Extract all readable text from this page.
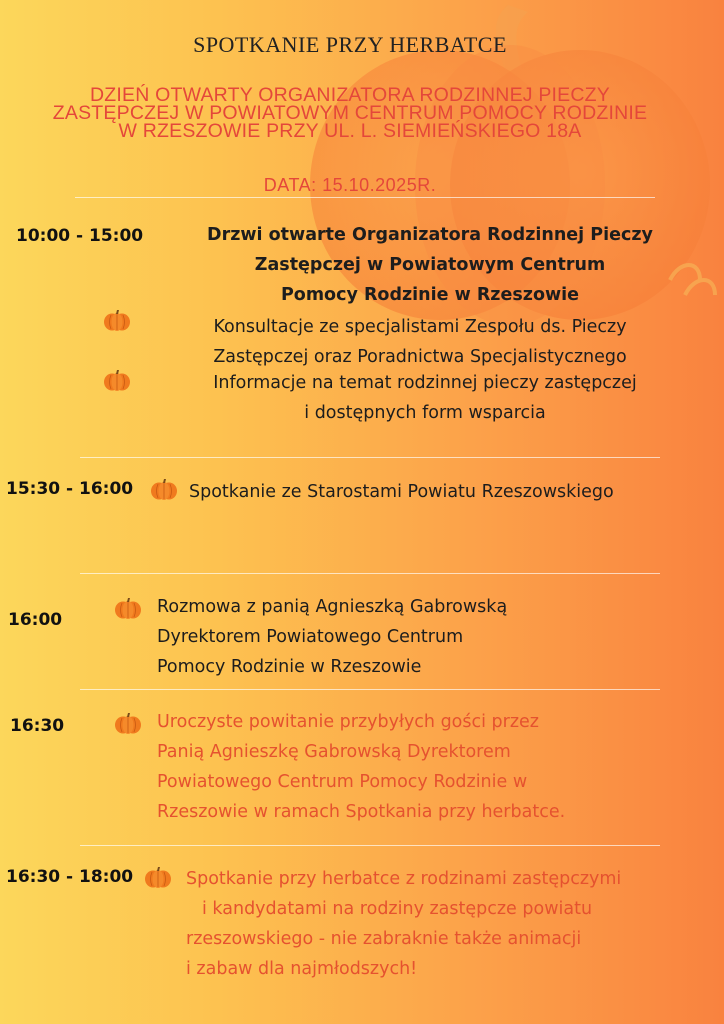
SPOTKANIE PRZY HERBATCE
DZIEŃ OTWARTY ORGANIZATORA RODZINNEJ PIECZY
ZASTĘPCZEJ W POWIATOWYM CENTRUM POMOCY RODZINIE
W RZESZOWIE PRZY UL. L. SIEMIEŃSKIEGO 18A
DATA: 15.10.2025R.
10:00 - 15:00	Drzwi otwarte Organizatora Rodzinnej Pieczy
Zastępczej w Powiatowym Centrum
Pomocy Rodzinie w Rzeszowie
Konsultacje ze specjalistami Zespołu ds. Pieczy
Zastępczej oraz Poradnictwa Specjalistycznego
Informacje na temat rodzinnej pieczy zastępczej
i dostępnych form wsparcia
15:30 - 16:00	Spotkanie ze Starostami Powiatu Rzeszowskiego
16:00
Rozmowa z panią Agnieszką Gabrowską
Dyrektorem Powiatowego Centrum
Pomocy Rodzinie w Rzeszowie
16:30	Uroczyste powitanie przybyłych gości przez
Panią Agnieszkę Gabrowską Dyrektorem
Powiatowego Centrum Pomocy Rodzinie w
Rzeszowie w ramach Spotkania przy herbatce.
16:30 - 18:00	Spotkanie przy herbatce z rodzinami zastępczymi
i kandydatami na rodziny zastępcze powiatu
rzeszowskiego - nie zabraknie także animacji
i zabaw dla najmłodszych!
